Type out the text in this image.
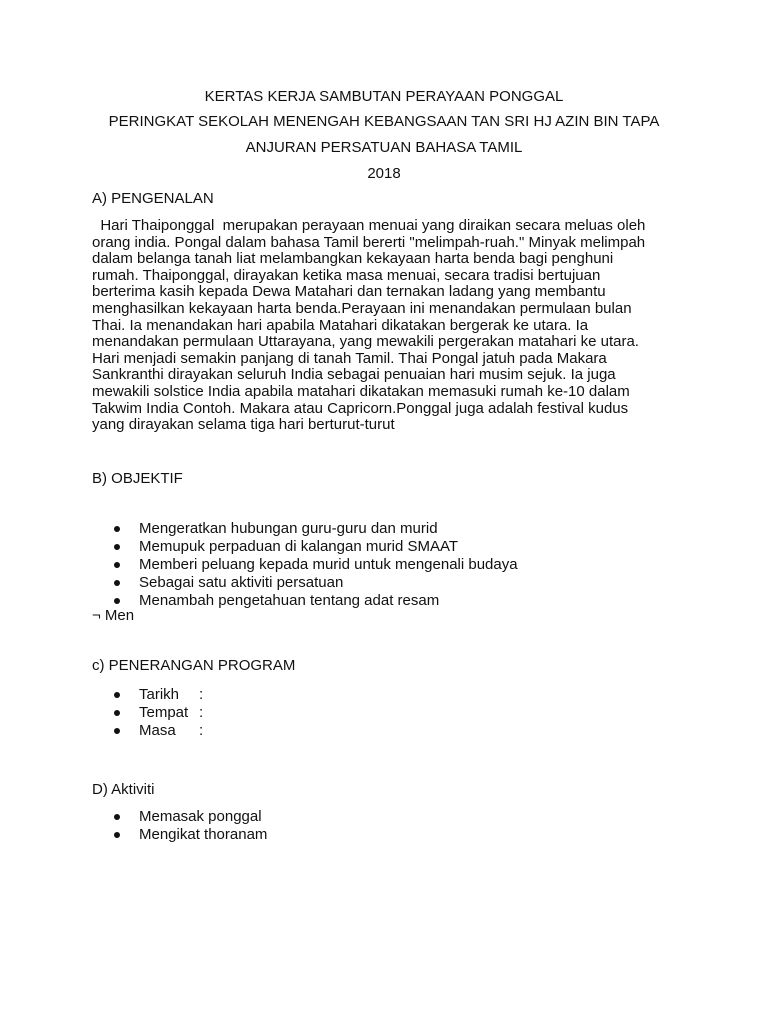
KERTAS KERJA SAMBUTAN PERAYAAN PONGGAL
PERINGKAT SEKOLAH MENENGAH KEBANGSAAN TAN SRI HJ AZIN BIN TAPA
ANJURAN PERSATUAN BAHASA TAMIL
2018
A) PENGENALAN
Hari Thaiponggal  merupakan perayaan menuai yang diraikan secara meluas oleh
orang india. Pongal dalam bahasa Tamil bererti "melimpah-ruah." Minyak melimpah
dalam belanga tanah liat melambangkan kekayaan harta benda bagi penghuni
rumah. Thaiponggal, dirayakan ketika masa menuai, secara tradisi bertujuan
berterima kasih kepada Dewa Matahari dan ternakan ladang yang membantu
menghasilkan kekayaan harta benda.Perayaan ini menandakan permulaan bulan
Thai. Ia menandakan hari apabila Matahari dikatakan bergerak ke utara. Ia
menandakan permulaan Uttarayana, yang mewakili pergerakan matahari ke utara.
Hari menjadi semakin panjang di tanah Tamil. Thai Pongal jatuh pada Makara
Sankranthi dirayakan seluruh India sebagai penuaian hari musim sejuk. Ia juga
mewakili solstice India apabila matahari dikatakan memasuki rumah ke-10 dalam
Takwim India Contoh. Makara atau Capricorn.Ponggal juga adalah festival kudus
yang dirayakan selama tiga hari berturut-turut
B) OBJEKTIF
Mengeratkan hubungan guru-guru dan murid
Memupuk perpaduan di kalangan murid SMAAT
Memberi peluang kepada murid untuk mengenali budaya
Sebagai satu aktiviti persatuan
Menambah pengetahuan tentang adat resam
¬ Men
c) PENERANGAN PROGRAM
Tarikh :
Tempat :
Masa :
D) Aktiviti
Memasak ponggal
Mengikat thoranam
